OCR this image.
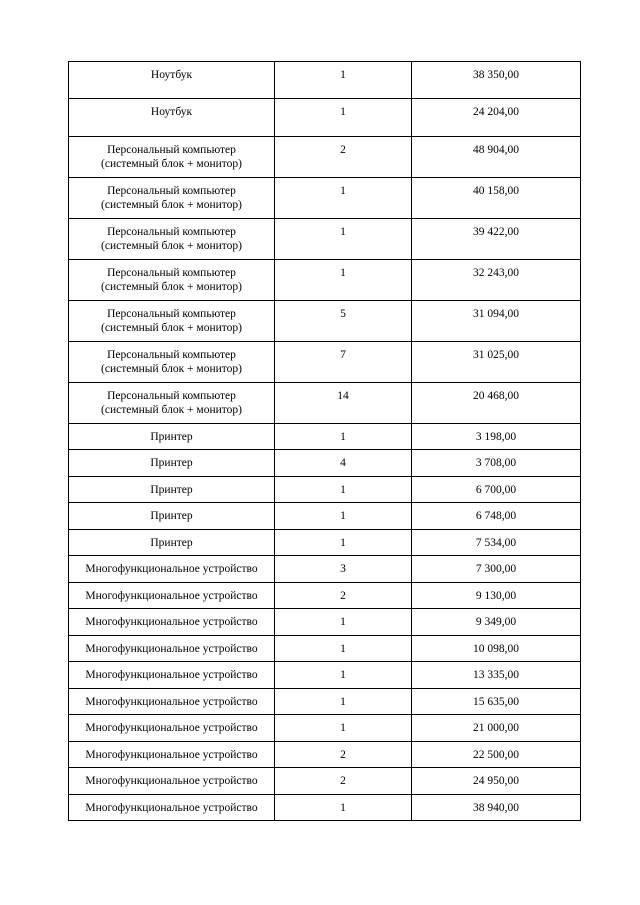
Ноутбук	1	38 350,00

Ноутбук	1	24 204,00

Персональный компьютер
(системный блок + монитор)	2	48 904,00

Персональный компьютер
(системный блок + монитор)	1	40 158,00

Персональный компьютер
(системный блок + монитор)	1	39 422,00

Персональный компьютер
(системный блок + монитор)	1	32 243,00

Персональный компьютер
(системный блок + монитор)	5	31 094,00

Персональный компьютер
(системный блок + монитор)	7	31 025,00

Персональный компьютер
(системный блок + монитор)	14	20 468,00

Принтер	1	3 198,00

Принтер	4	3 708,00

Принтер	1	6 700,00

Принтер	1	6 748,00

Принтер	1	7 534,00

Многофункциональное устройство	3	7 300,00

Многофункциональное устройство	2	9 130,00

Многофункциональное устройство	1	9 349,00

Многофункциональное устройство	1	10 098,00

Многофункциональное устройство	1	13 335,00

Многофункциональное устройство	1	15 635,00

Многофункциональное устройство	1	21 000,00

Многофункциональное устройство	2	22 500,00

Многофункциональное устройство	2	24 950,00

Многофункциональное устройство	1	38 940,00
